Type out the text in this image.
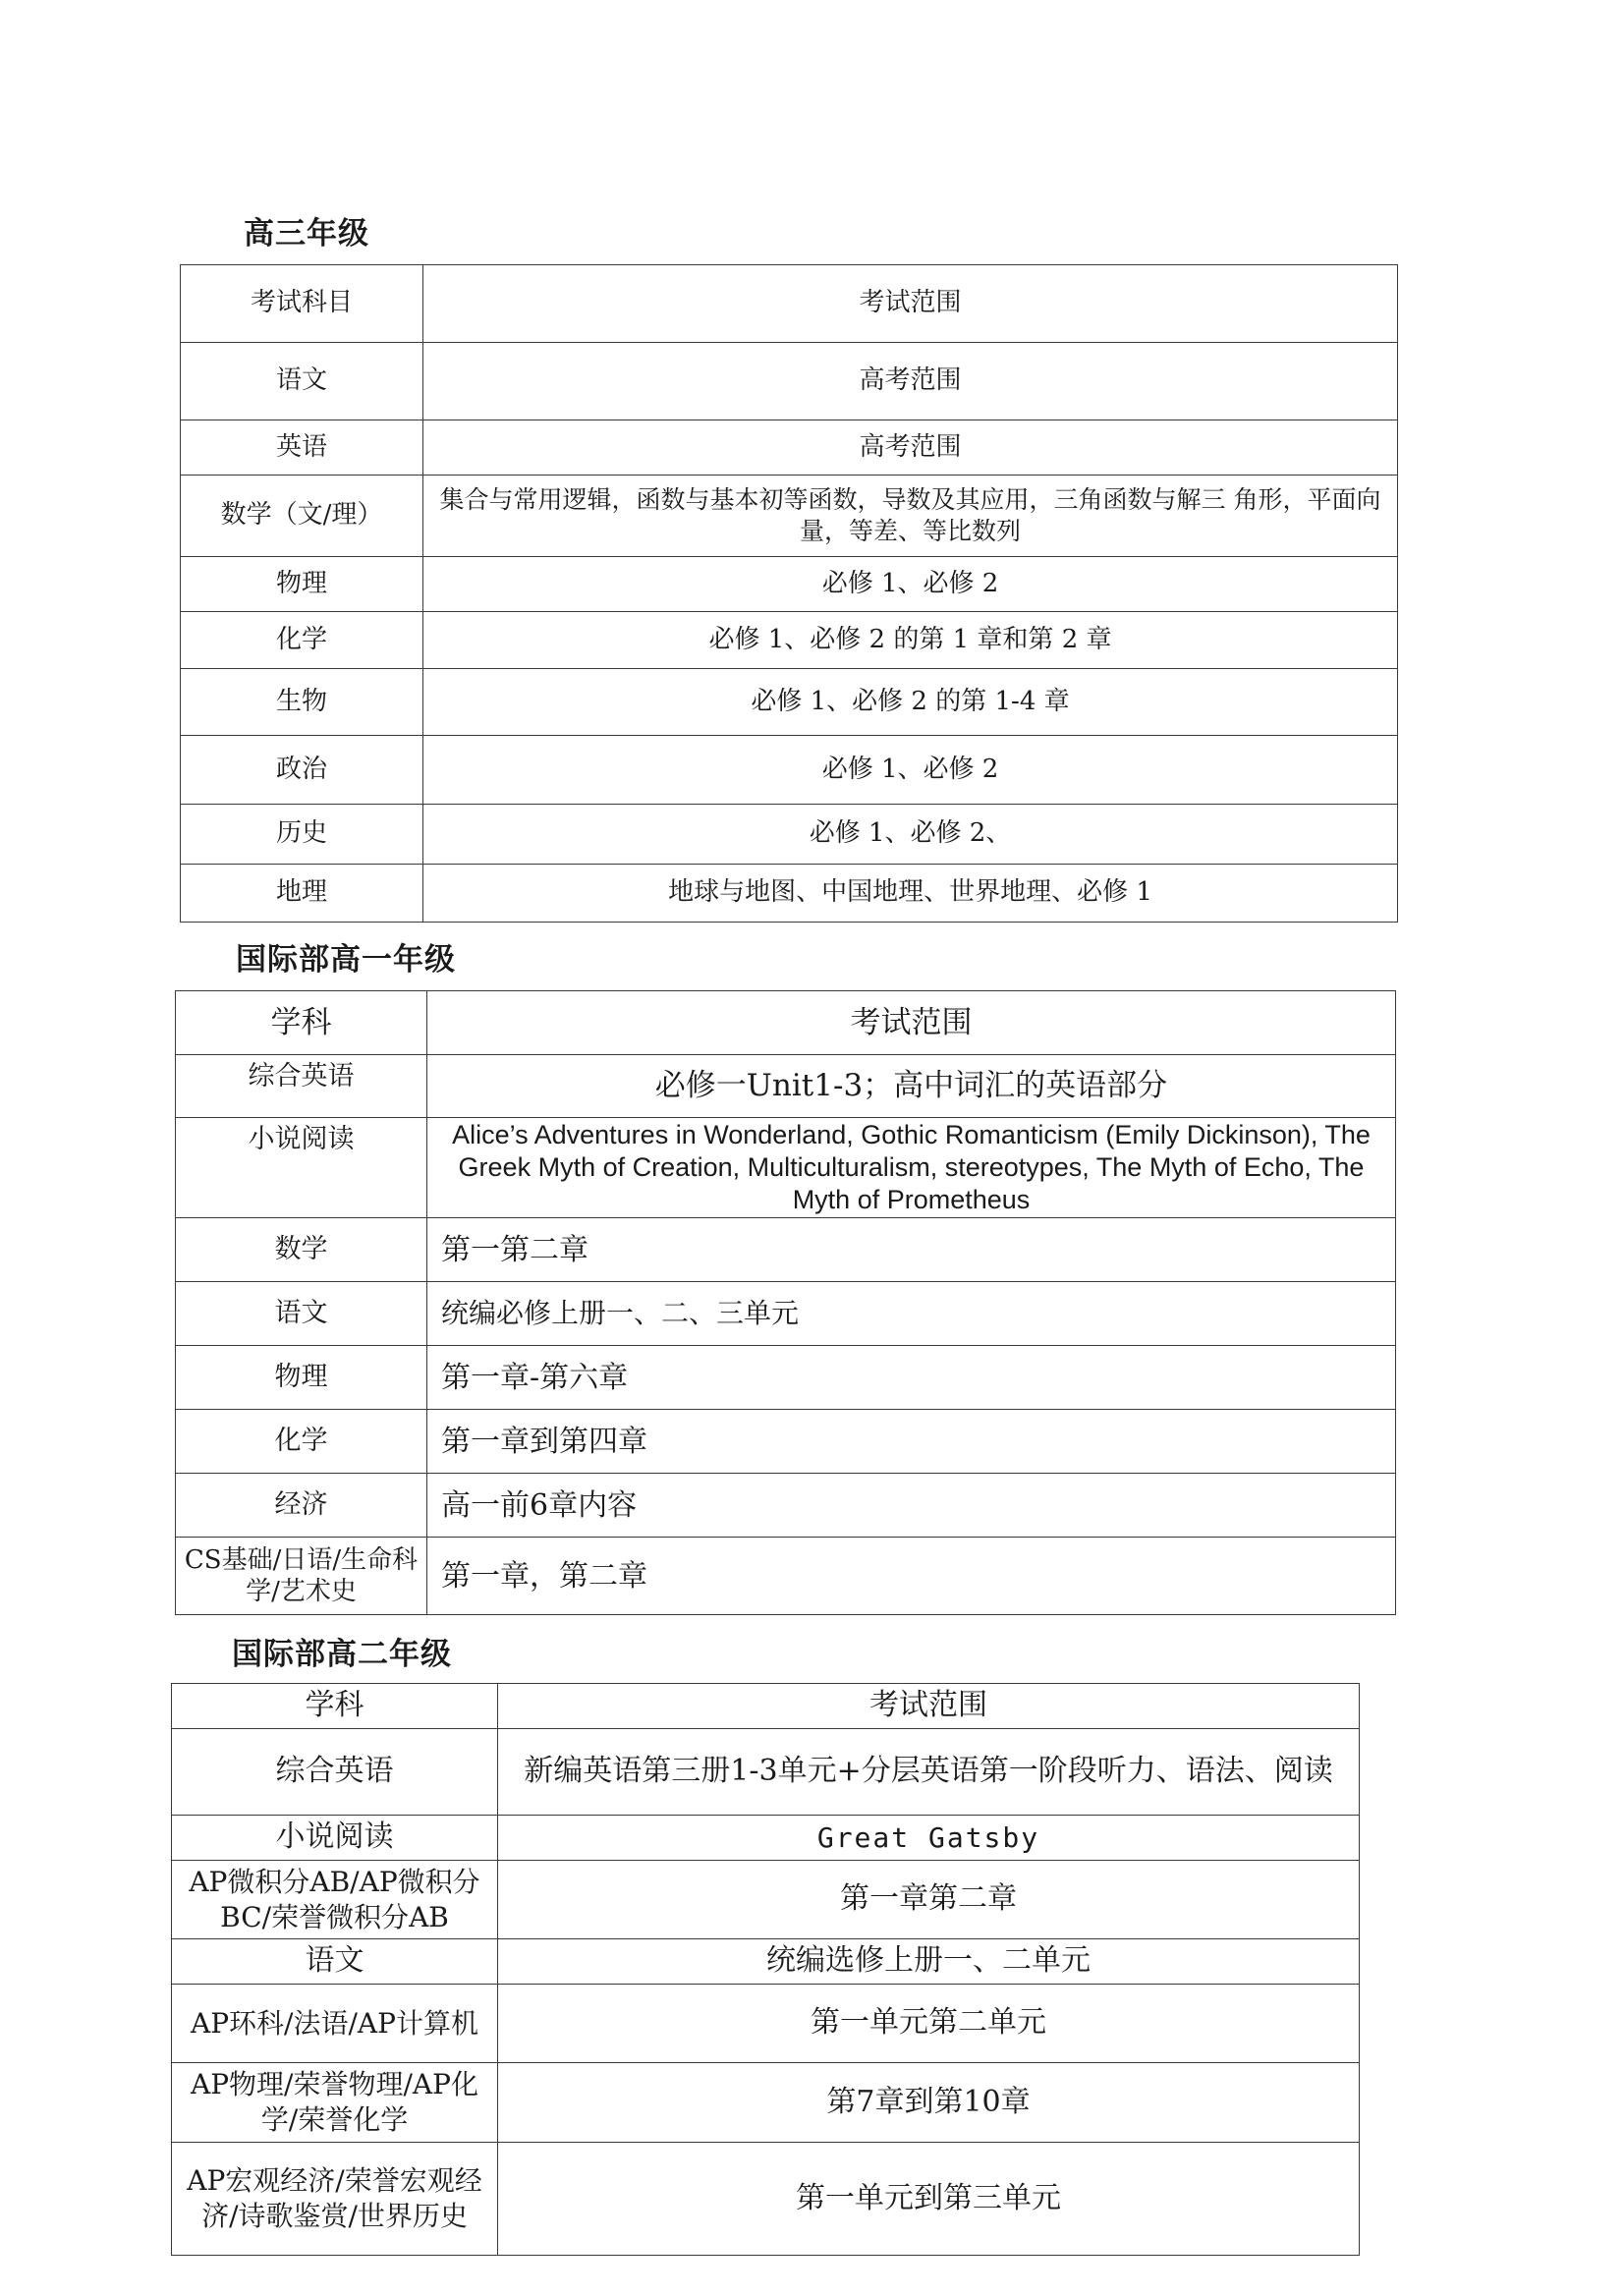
高三年级
考试科目	考试范围
语文	高考范围
英语	高考范围
数学（文/理）	集合与常用逻辑，函数与基本初等函数，导数及其应用，三角函数与解三 角形，平面向量，等差、等比数列
物理	必修 1、必修 2
化学	必修 1、必修 2 的第 1 章和第 2 章
生物	必修 1、必修 2 的第 1-4 章
政治	必修 1、必修 2
历史	必修 1、必修 2、
地理	地球与地图、中国地理、世界地理、必修 1
国际部高一年级
学科	考试范围
综合英语	必修一Unit1-3；高中词汇的英语部分
小说阅读	Alice’s Adventures in Wonderland, Gothic Romanticism (Emily Dickinson), The Greek Myth of Creation, Multiculturalism, stereotypes, The Myth of Echo, The Myth of Prometheus
数学	第一第二章
语文	统编必修上册一、二、三单元
物理	第一章-第六章
化学	第一章到第四章
经济	高一前6章内容
CS基础/日语/生命科学/艺术史	第一章，第二章
国际部高二年级
学科	考试范围
综合英语	新编英语第三册1-3单元+分层英语第一阶段听力、语法、阅读
小说阅读	Great Gatsby
AP微积分AB/AP微积分BC/荣誉微积分AB	第一章第二章
语文	统编选修上册一、二单元
AP环科/法语/AP计算机	第一单元第二单元
AP物理/荣誉物理/AP化学/荣誉化学	第7章到第10章
AP宏观经济/荣誉宏观经济/诗歌鉴赏/世界历史	第一单元到第三单元
